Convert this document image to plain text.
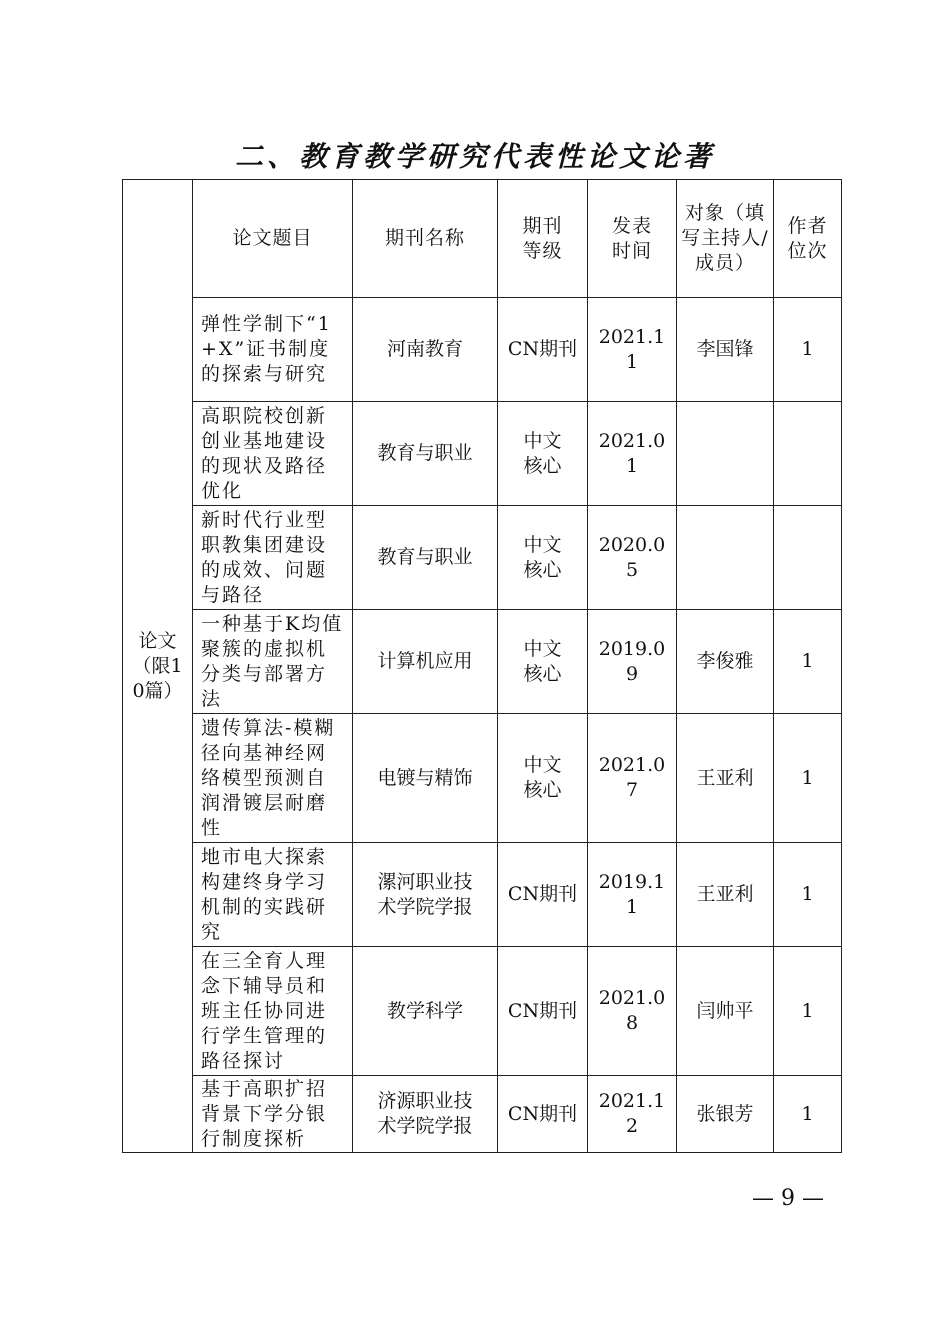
二、教育教学研究代表性论文论著
论文（限10篇）	论文题目	期刊名称	期刊等级	发表时间	对象（填写主持人/成员）	作者位次

	弹性学制下“1+X”证书制度的探索与研究	河南教育	CN期刊	2021.11	李国锋	1

	高职院校创新创业基地建设的现状及路径优化	教育与职业	中文核心	2021.01		

	新时代行业型职教集团建设的成效、问题与路径	教育与职业	中文核心	2020.05		

	一种基于K均值聚簇的虚拟机分类与部署方法	计算机应用	中文核心	2019.09	李俊雅	1

	遗传算法-模糊径向基神经网络模型预测自润滑镀层耐磨性	电镀与精饰	中文核心	2021.07	王亚利	1

	地市电大探索构建终身学习机制的实践研究	漯河职业技术学院学报	CN期刊	2019.11	王亚利	1

	在三全育人理念下辅导员和班主任协同进行学生管理的路径探讨	教学科学	CN期刊	2021.08	闫帅平	1

	基于高职扩招背景下学分银行制度探析	济源职业技术学院学报	CN期刊	2021.12	张银芳	1
— 9 —
